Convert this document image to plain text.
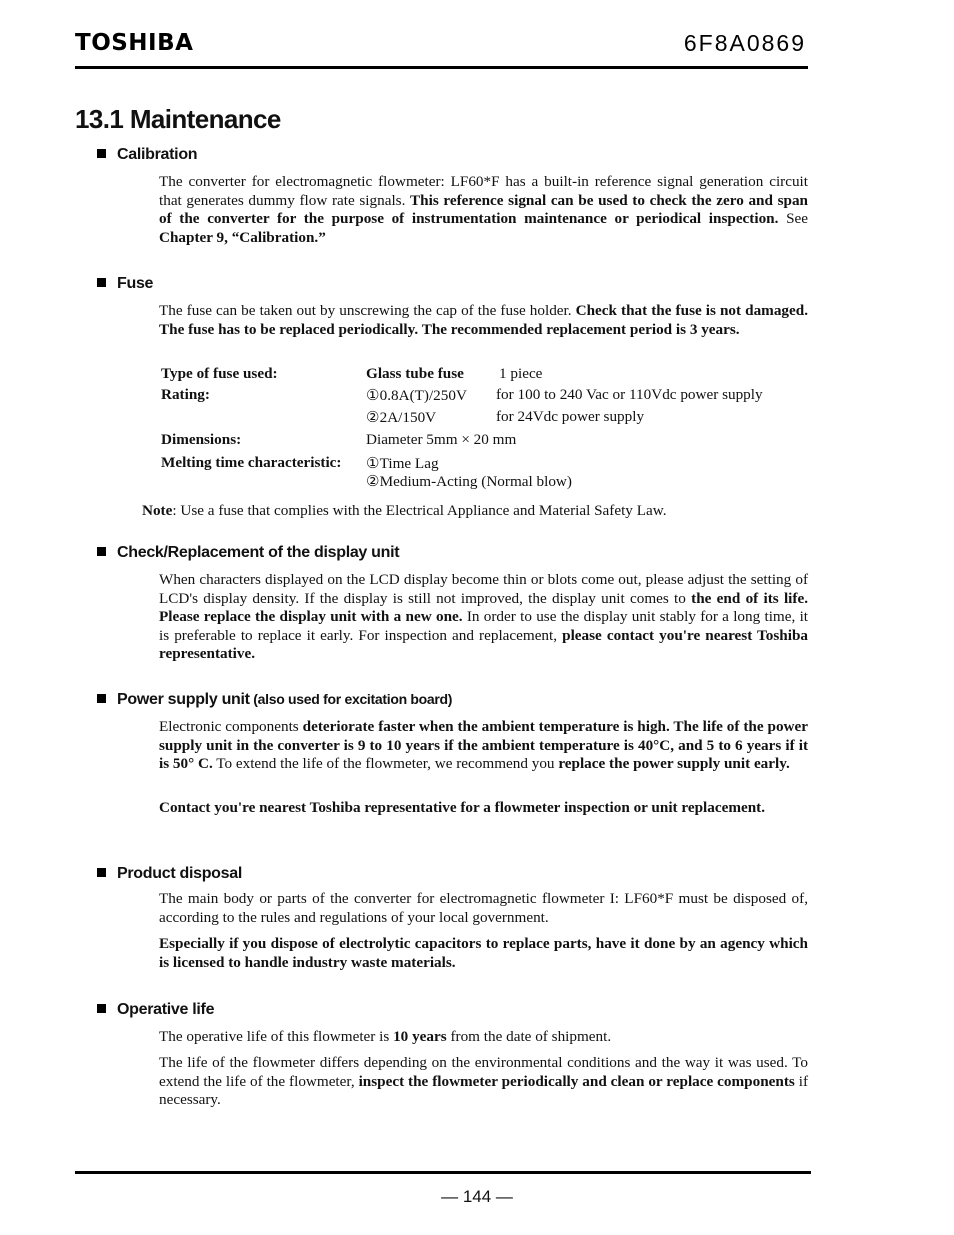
TOSHIBA	6F8A0869
13.1 Maintenance
Calibration
The converter for electromagnetic flowmeter: LF60*F has a built-in reference signal generation circuit that generates dummy flow rate signals. This reference signal can be used to check the zero and span of the converter for the purpose of instrumentation maintenance or periodical inspection. See Chapter 9, “Calibration.”
Fuse
The fuse can be taken out by unscrewing the cap of the fuse holder. Check that the fuse is not damaged. The fuse has to be replaced periodically. The recommended replacement period is 3 years.
Type of fuse used:	Glass tube fuse 1 piece
Rating:	①0.8A(T)/250V for 100 to 240 Vac or 110Vdc power supply
②2A/150V	for 24Vdc power supply
Dimensions:	Diameter 5mm × 20 mm
Melting time characteristic: ①Time Lag
②Medium-Acting (Normal blow)
Note: Use a fuse that complies with the Electrical Appliance and Material Safety Law.
Check/Replacement of the display unit
When characters displayed on the LCD display become thin or blots come out, please adjust the setting of LCD's display density. If the display is still not improved, the display unit comes to the end of its life. Please replace the display unit with a new one. In order to use the display unit stably for a long time, it is preferable to replace it early. For inspection and replacement, please contact you're nearest Toshiba representative.
Power supply unit (also used for excitation board)
Electronic components deteriorate faster when the ambient temperature is high. The life of the power supply unit in the converter is 9 to 10 years if the ambient temperature is 40°C, and 5 to 6 years if it is 50° C. To extend the life of the flowmeter, we recommend you replace the power supply unit early.
Contact you're nearest Toshiba representative for a flowmeter inspection or unit replacement.
Product disposal
The main body or parts of the converter for electromagnetic flowmeter I: LF60*F must be disposed of, according to the rules and regulations of your local government.
Especially if you dispose of electrolytic capacitors to replace parts, have it done by an agency which is licensed to handle industry waste materials.
Operative life
The operative life of this flowmeter is 10 years from the date of shipment.
The life of the flowmeter differs depending on the environmental conditions and the way it was used. To extend the life of the flowmeter, inspect the flowmeter periodically and clean or replace components if necessary.
— 144 —
